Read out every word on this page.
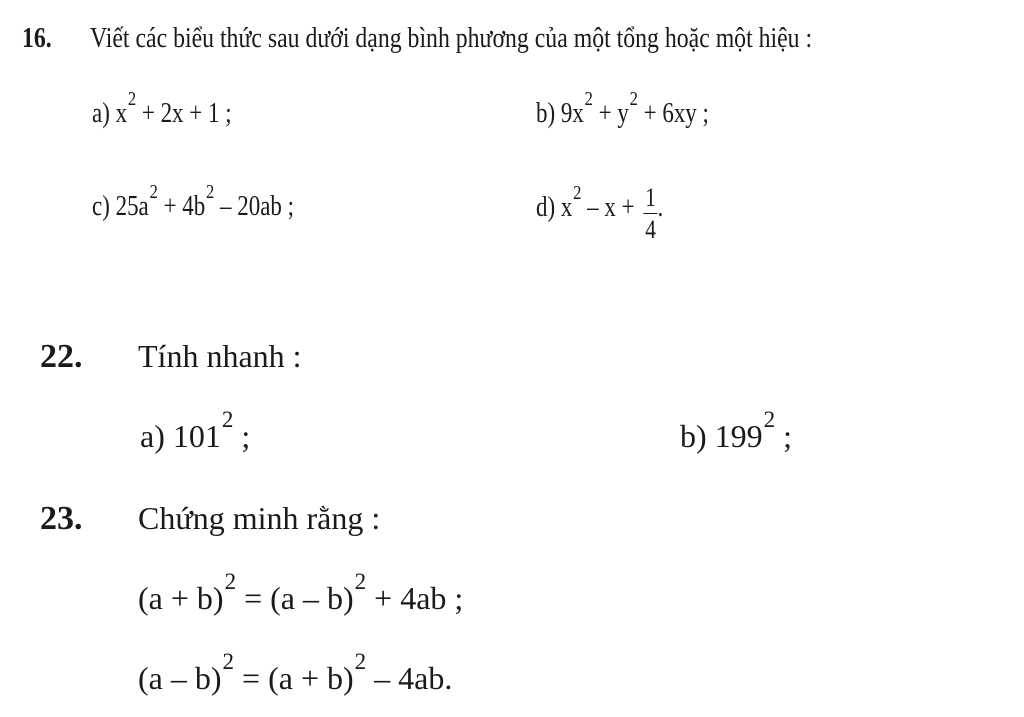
16. Viết các biểu thức sau dưới dạng bình phương của một tổng hoặc một hiệu :
a) $x^2 + 2x + 1$ ;	b) $9x^2 + y^2 + 6xy$ ;
c) $25a^2 + 4b^2 - 20ab$ ;	d) $x^2 - x + \frac{1}{4}$ .
22. Tính nhanh :
a) $101^2$ ;	b) $199^2$ ;
23. Chứng minh rằng :
$(a + b)^2 = (a - b)^2 + 4ab$ ;
$(a - b)^2 = (a + b)^2 - 4ab$.
